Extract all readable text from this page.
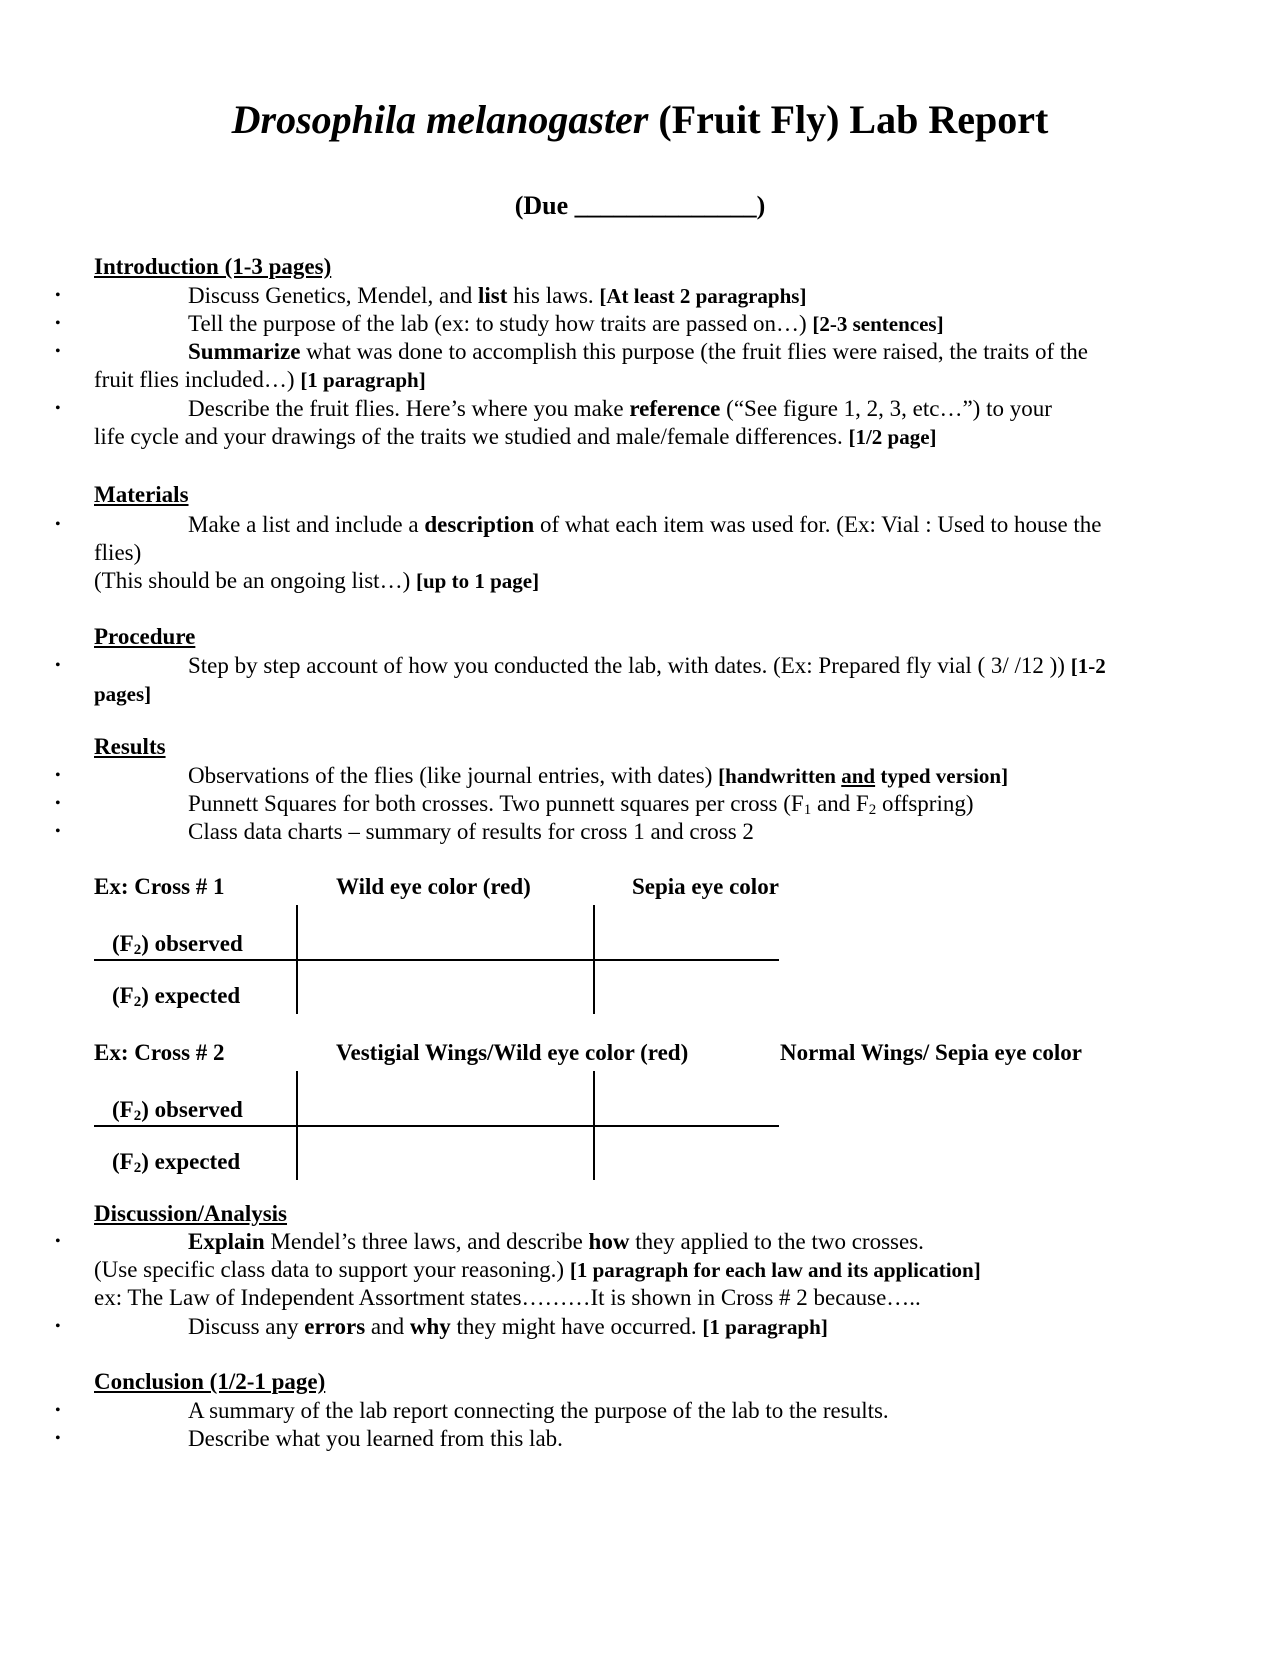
Drosophila melanogaster (Fruit Fly) Lab Report
(Due ______________)
Introduction (1-3 pages)
•	Discuss Genetics, Mendel, and list his laws. [At least 2 paragraphs]
•	Tell the purpose of the lab (ex: to study how traits are passed on…) [2-3 sentences]
•	Summarize what was done to accomplish this purpose (the fruit flies were raised, the traits of the
fruit flies included…) [1 paragraph]
•	Describe the fruit flies. Here’s where you make reference (“See figure 1, 2, 3, etc…”) to your
life cycle and your drawings of the traits we studied and male/female differences. [1/2 page]
Materials
•	Make a list and include a description of what each item was used for. (Ex: Vial : Used to house the
flies)
(This should be an ongoing list…) [up to 1 page]
Procedure
•	Step by step account of how you conducted the lab, with dates. (Ex: Prepared fly vial ( 3/ /12 )) [1-2
pages]
Results
•	Observations of the flies (like journal entries, with dates) [handwritten and typed version]
•	Punnett Squares for both crosses. Two punnett squares per cross ($F_1$ and $F_2$ offspring)
•	Class data charts – summary of results for cross 1 and cross 2
Ex: Cross # 1	Wild eye color (red)	Sepia eye color
$(F_2)$ observed
$(F_2)$ expected
Ex: Cross # 2	Vestigial Wings/Wild eye color (red)	Normal Wings/ Sepia eye color
$(F_2)$ observed
$(F_2)$ expected
Discussion/Analysis
•	Explain Mendel’s three laws, and describe how they applied to the two crosses.
(Use specific class data to support your reasoning.) [1 paragraph for each law and its application]
ex: The Law of Independent Assortment states………It is shown in Cross # 2 because…..
•	Discuss any errors and why they might have occurred. [1 paragraph]
Conclusion (1/2-1 page)
•	A summary of the lab report connecting the purpose of the lab to the results.
•	Describe what you learned from this lab.
